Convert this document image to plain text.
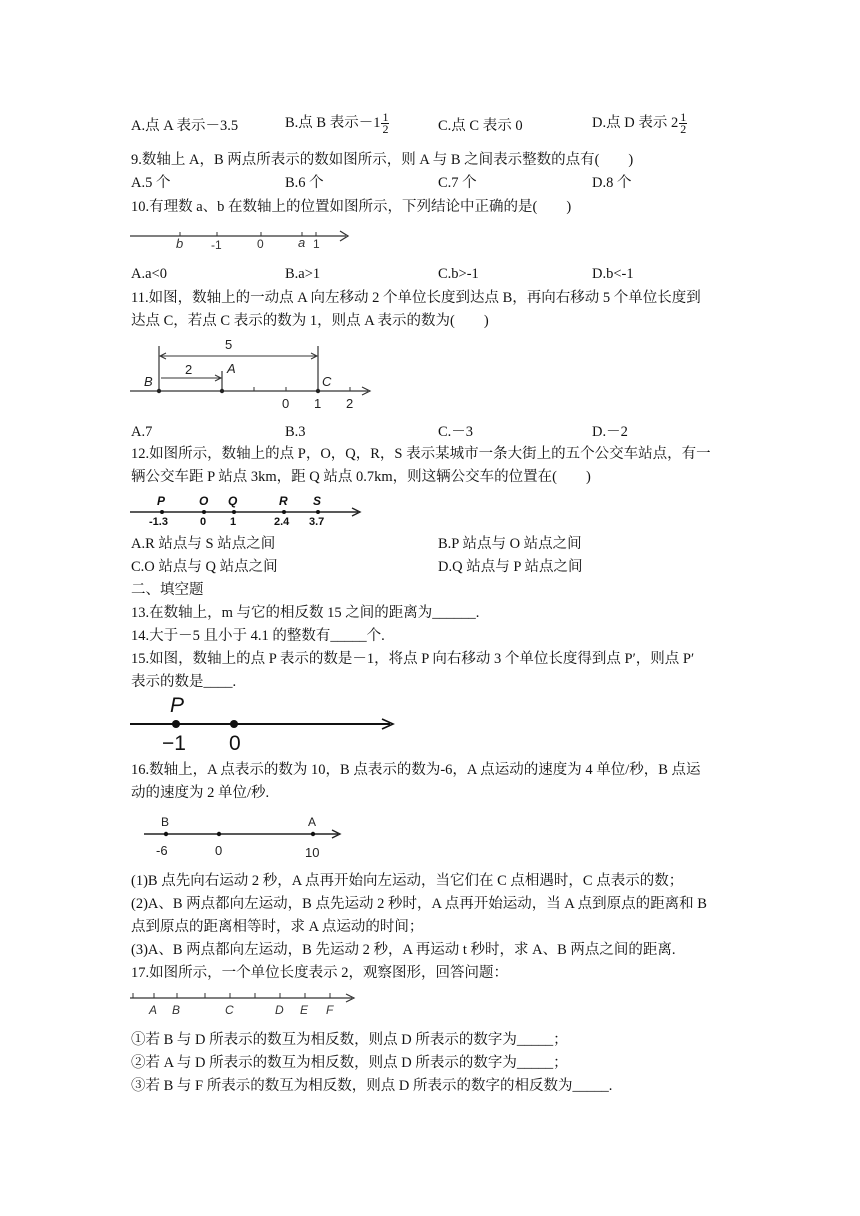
A.点 A 表示－3.5	B.点 B 表示$-1 \frac{1}{2}$	C.点 C 表示 0	D.点 D 表示 $2 \frac{1}{2}$
9.数轴上 A，B 两点所表示的数如图所示，则 A 与 B 之间表示整数的点有(　　)
A.5 个	B.6 个	C.7 个	D.8 个
10.有理数 a、b 在数轴上的位置如图所示，下列结论中正确的是(　　)
b -1	0	a 1
A.a<0	B.a>1	C.b>-1	D.b<-1
11.如图，数轴上的一动点 A 向左移动 2 个单位长度到达点 B，再向右移动 5 个单位长度到
达点 C，若点 C 表示的数为 1，则点 A 表示的数为(　　)
5
2	A
B	C
0 1 2
A.7	B.3	C.－3	D.－2
12.如图所示，数轴上的点 P，O，Q，R，S 表示某城市一条大街上的五个公交车站点，有一
辆公交车距 P 站点 3km，距 Q 站点 0.7km，则这辆公交车的位置在(　　)
P	O Q	R S
-1.3	0 1	2.4 3.7
A.R 站点与 S 站点之间	B.P 站点与 O 站点之间
C.O 站点与 Q 站点之间	D.Q 站点与 P 站点之间
二、填空题
13.在数轴上，m 与它的相反数 15 之间的距离为______.
14.大于－5 且小于 4.1 的整数有_____个.
15.如图，数轴上的点 P 表示的数是－1，将点 P 向右移动 3 个单位长度得到点 P′，则点 P′
表示的数是____.
P
−1 0
16.数轴上，A 点表示的数为 10，B 点表示的数为-6，A 点运动的速度为 4 单位/秒，B 点运
动的速度为 2 单位/秒.
B	A
-6	0	10
(1)B 点先向右运动 2 秒，A 点再开始向左运动，当它们在 C 点相遇时，C 点表示的数；
(2)A、B 两点都向左运动，B 点先运动 2 秒时，A 点再开始运动，当 A 点到原点的距离和 B
点到原点的距离相等时，求 A 点运动的时间；
(3)A、B 两点都向左运动，B 先运动 2 秒，A 再运动 t 秒时，求 A、B 两点之间的距离.
17.如图所示，一个单位长度表示 2，观察图形，回答问题：
A B	C	D E F
①若 B 与 D 所表示的数互为相反数，则点 D 所表示的数字为_____；
②若 A 与 D 所表示的数互为相反数，则点 D 所表示的数字为_____；
③若 B 与 F 所表示的数互为相反数，则点 D 所表示的数字的相反数为_____.
